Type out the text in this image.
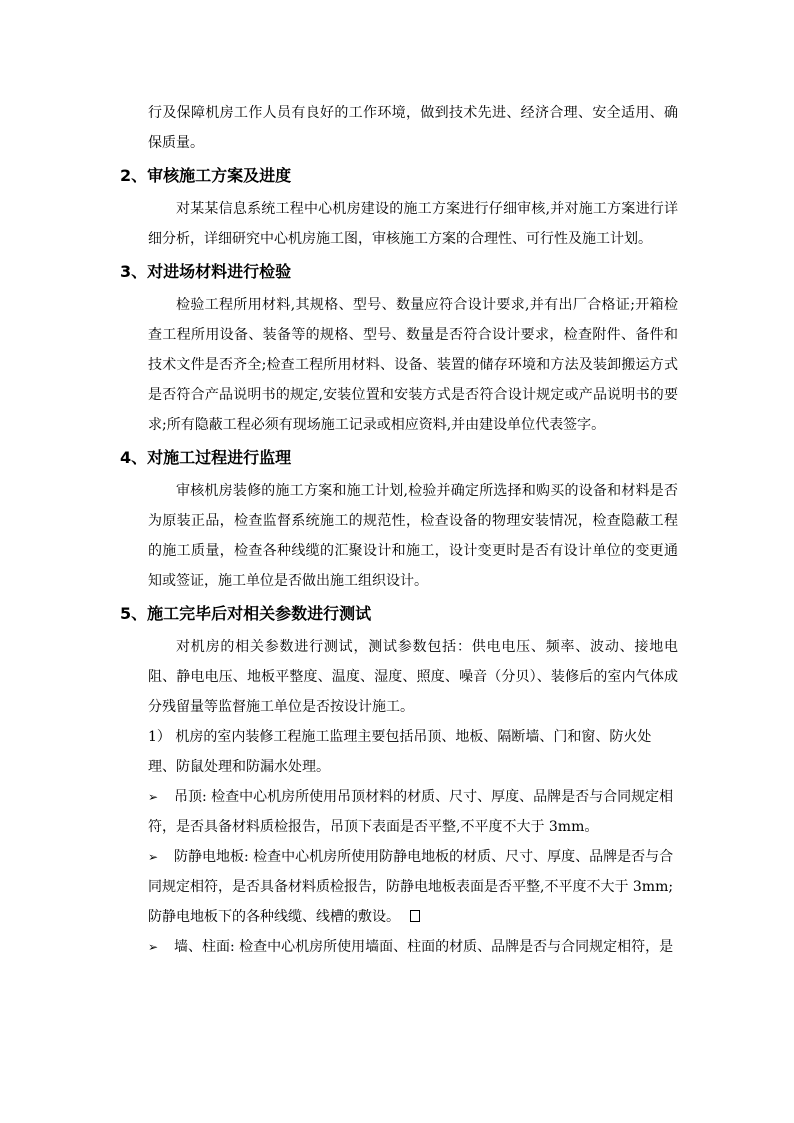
行及保障机房工作人员有良好的工作环境，做到技术先进、经济合理、安全适用、确保质量。

2、审核施工方案及进度

对某某信息系统工程中心机房建设的施工方案进行仔细审核,并对施工方案进行详细分析，详细研究中心机房施工图，审核施工方案的合理性、可行性及施工计划。

3、对进场材料进行检验

检验工程所用材料,其规格、型号、数量应符合设计要求,并有出厂合格证;开箱检查工程所用设备、装备等的规格、型号、数量是否符合设计要求，检查附件、备件和技术文件是否齐全;检查工程所用材料、设备、装置的储存环境和方法及装卸搬运方式是否符合产品说明书的规定,安装位置和安装方式是否符合设计规定或产品说明书的要求;所有隐蔽工程必须有现场施工记录或相应资料,并由建设单位代表签字。

4、对施工过程进行监理

审核机房装修的施工方案和施工计划,检验并确定所选择和购买的设备和材料是否为原装正品，检查监督系统施工的规范性，检查设备的物理安装情况，检查隐蔽工程的施工质量，检查各种线缆的汇聚设计和施工，设计变更时是否有设计单位的变更通知或签证，施工单位是否做出施工组织设计。

5、施工完毕后对相关参数进行测试

对机房的相关参数进行测试，测试参数包括：供电电压、频率、波动、接地电阻、静电电压、地板平整度、温度、湿度、照度、噪音（分贝）、装修后的室内气体成分残留量等监督施工单位是否按设计施工。

1） 机房的室内装修工程施工监理主要包括吊顶、地板、隔断墙、门和窗、防火处理、防鼠处理和防漏水处理。

➢ 吊顶: 检查中心机房所使用吊顶材料的材质、尺寸、厚度、品牌是否与合同规定相符，是否具备材料质检报告，吊顶下表面是否平整,不平度不大于 3mm。

➢ 防静电地板: 检查中心机房所使用防静电地板的材质、尺寸、厚度、品牌是否与合同规定相符，是否具备材料质检报告，防静电地板表面是否平整,不平度不大于 3mm;防静电地板下的各种线缆、线槽的敷设。

➢ 墙、柱面: 检查中心机房所使用墙面、柱面的材质、品牌是否与合同规定相符，是
